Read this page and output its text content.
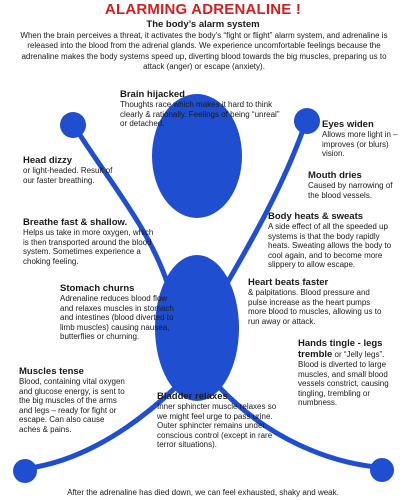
ALARMING ADRENALINE !
The body’s alarm system
When the brain perceives a threat, it activates the body’s “fight or flight” alarm system, and adrenaline is released into the blood from the adrenal glands. We experience uncomfortable feelings because the adrenaline makes the body systems speed up, diverting blood towards the big muscles, preparing us to attack (anger) or escape (anxiety).
Brain hijacked
Thoughts race which makes it hard to think clearly & rationally. Feelings of being “unreal” or detached.	Eyes widen
Allows more light in – improves (or blurs) vision.
Head dizzy
or light-headed. Result of our faster breathing.	Mouth dries
Caused by narrowing of the blood vessels.
Breathe fast & shallow.
Helps us take in more oxygen, which is then transported around the blood system. Sometimes experience a choking feeling.
Body heats & sweats
A side effect of all the speeded up systems is that the body rapidly heats. Sweating allows the body to cool again, and to become more slippery to allow escape.
Stomach churns
Adrenaline reduces blood flow and relaxes muscles in stomach and intestines (blood diverted to limb muscles) causing nausea, butterflies or churning.
Heart beats faster
& palpitations. Blood pressure and pulse increase as the heart pumps more blood to muscles, allowing us to run away or attack.
Hands tingle - legs tremble or “Jelly legs”.
Blood is diverted to large muscles, and small blood vessels constrict, causing tingling, trembling or numbness.
Muscles tense
Blood, containing vital oxygen and glucose energy, is sent to the big muscles of the arms and legs – ready for fight or escape. Can also cause aches & pains.
Bladder relaxes
Inner sphincter muscle relaxes so we might feel urge to pass urine. Outer sphincter remains under conscious control (except in rare terror situations).
After the adrenaline has died down, we can feel exhausted, shaky and weak.
